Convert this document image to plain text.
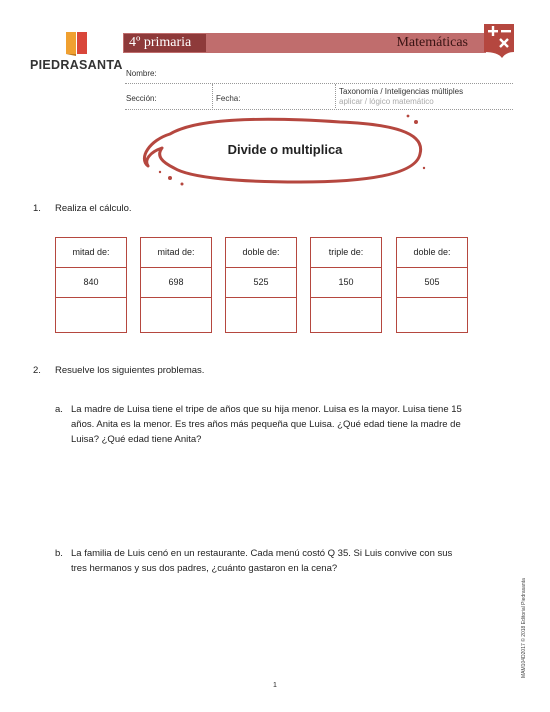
PIEDRASANTA
4º primaria	Matemáticas
Nombre:
Sección:	Fecha:
Taxonomía / Inteligencias múltiples
aplicar / lógico matemático
Divide o multiplica
1. Realiza el cálculo.
mitad de:
840
mitad de:
698
doble de:
525
triple de:
150
doble de:
505
2. Resuelve los siguientes problemas.
a. La madre de Luisa tiene el tripe de años que su hija menor. Luisa es la mayor. Luisa tiene 15
años. Anita es la menor. Es tres años más pequeña que Luisa. ¿Qué edad tiene la madre de
Luisa? ¿Qué edad tiene Anita?
b. La familia de Luis cenó en un restaurante. Cada menú costó Q 35. Si Luis convive con sus
tres hermanos y sus dos padres, ¿cuánto gastaron en la cena?
MAM104D2017 © 2018 Editorial Piedrasanta
1
